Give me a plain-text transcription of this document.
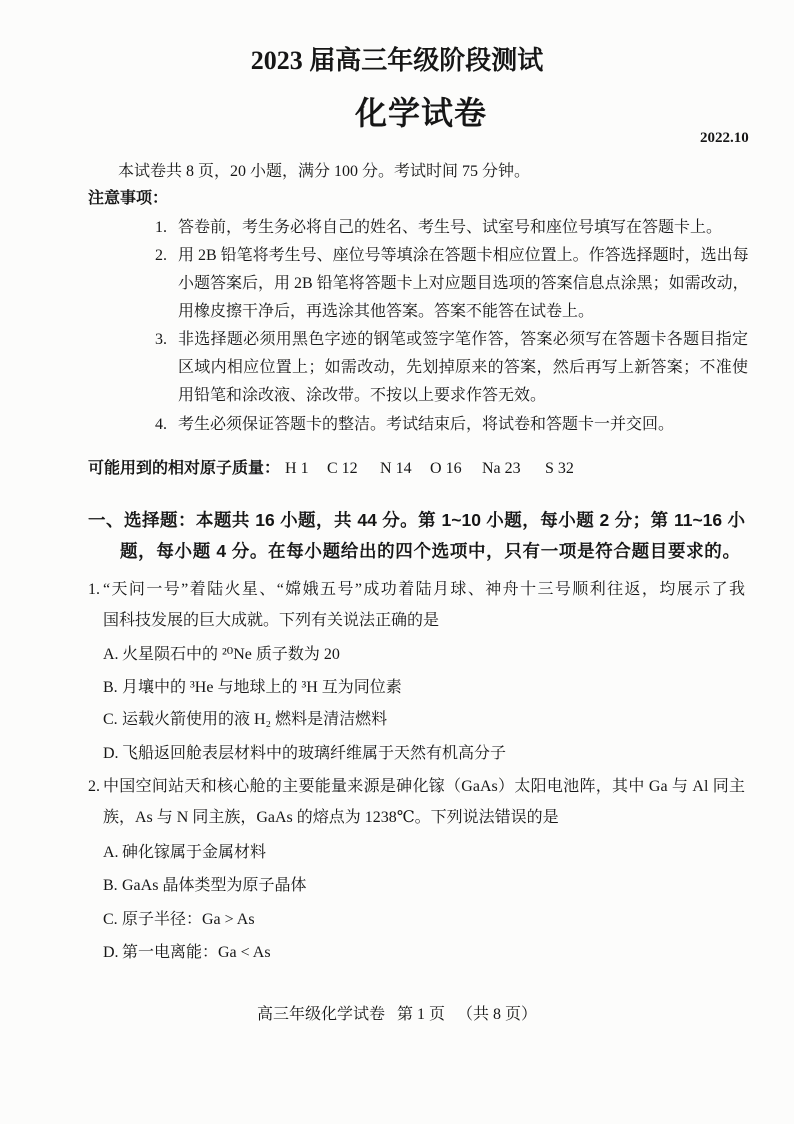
2023 届高三年级阶段测试
化学试卷
2022.10
本试卷共 8 页，20 小题，满分 100 分。考试时间 75 分钟。
注意事项：
1. 答卷前，考生务必将自己的姓名、考生号、试室号和座位号填写在答题卡上。
2. 用 2B 铅笔将考生号、座位号等填涂在答题卡相应位置上。作答选择题时，选出每
小题答案后，用 2B 铅笔将答题卡上对应题目选项的答案信息点涂黑；如需改动，
用橡皮擦干净后，再选涂其他答案。答案不能答在试卷上。
3. 非选择题必须用黑色字迹的钢笔或签字笔作答，答案必须写在答题卡各题目指定
区域内相应位置上；如需改动，先划掉原来的答案，然后再写上新答案；不准使
用铅笔和涂改液、涂改带。不按以上要求作答无效。
4. 考生必须保证答题卡的整洁。考试结束后，将试卷和答题卡一并交回。
可能用到的相对原子质量： H 1 C 12 N 14 O 16 Na 23 S 32
一、选择题：本题共 16 小题，共 44 分。第 1~10 小题，每小题 2 分；第 11~16 小
题，每小题 4 分。在每小题给出的四个选项中，只有一项是符合题目要求的。
1. “天问一号”着陆火星、“嫦娥五号”成功着陆月球、神舟十三号顺利往返，均展示了我
国科技发展的巨大成就。下列有关说法正确的是
A. 火星陨石中的 ²⁰Ne 质子数为 20
B. 月壤中的 ³He 与地球上的 ³H 互为同位素
C. 运载火箭使用的液 H₂ 燃料是清洁燃料
D. 飞船返回舱表层材料中的玻璃纤维属于天然有机高分子
2. 中国空间站天和核心舱的主要能量来源是砷化镓（GaAs）太阳电池阵，其中 Ga 与 Al 同主
族，As 与 N 同主族，GaAs 的熔点为 1238℃。下列说法错误的是
A. 砷化镓属于金属材料
B. GaAs 晶体类型为原子晶体
C. 原子半径：Ga > As
D. 第一电离能：Ga < As
高三年级化学试卷 第 1 页 （共 8 页）
